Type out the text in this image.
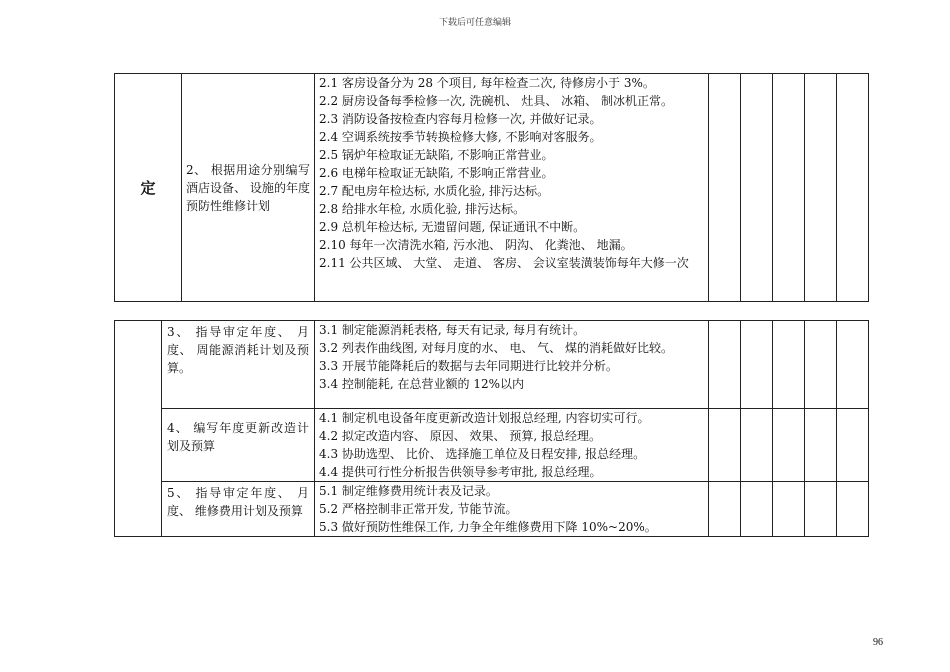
下载后可任意编辑
定	2、 根据用途分别编写酒店设备、 设施的年度预防性维修计划	

2.1 客房设备分为 28 个项目, 每年检查二次, 待修房小于 3%。

2.2 厨房设备每季检修一次, 洗碗机、 灶具、 冰箱、 制冰机正常。

2.3 消防设备按检查内容每月检修一次, 并做好记录。

2.4 空调系统按季节转换检修大修, 不影响对客服务。

2.5 锅炉年检取证无缺陷, 不影响正常营业。

2.6 电梯年检取证无缺陷, 不影响正常营业。

2.7 配电房年检达标, 水质化验, 排污达标。

2.8 给排水年检, 水质化验, 排污达标。

2.9 总机年检达标, 无遗留问题, 保证通讯不中断。

2.10 每年一次清洗水箱, 污水池、 阴沟、 化粪池、 地漏。

2.11 公共区域、 大堂、 走道、 客房、 会议室装潢装饰每年大修一次

	3、 指导审定年度、 月度、 周能源消耗计划及预算。	3.1 制定能源消耗表格, 每天有记录, 每月有统计。

3.2 列表作曲线图, 对每月度的水、 电、 气、 煤的消耗做好比较。

3.3 开展节能降耗后的数据与去年同期进行比较并分析。

3.4 控制能耗, 在总营业额的 12%以内					

	4、 编写年度更新改造计划及预算	4.1 制定机电设备年度更新改造计划报总经理, 内容切实可行。

4.2 拟定改造内容、 原因、 效果、 预算, 报总经理。

4.3 协助选型、 比价、 选择施工单位及日程安排, 报总经理。

4.4 提供可行性分析报告供领导参考审批, 报总经理。					

	5、 指导审定年度、 月度、 维修费用计划及预算	5.1 制定维修费用统计表及记录。

5.2 严格控制非正常开发, 节能节流。

5.3 做好预防性维保工作, 力争全年维修费用下降 10%~20%。					

96
